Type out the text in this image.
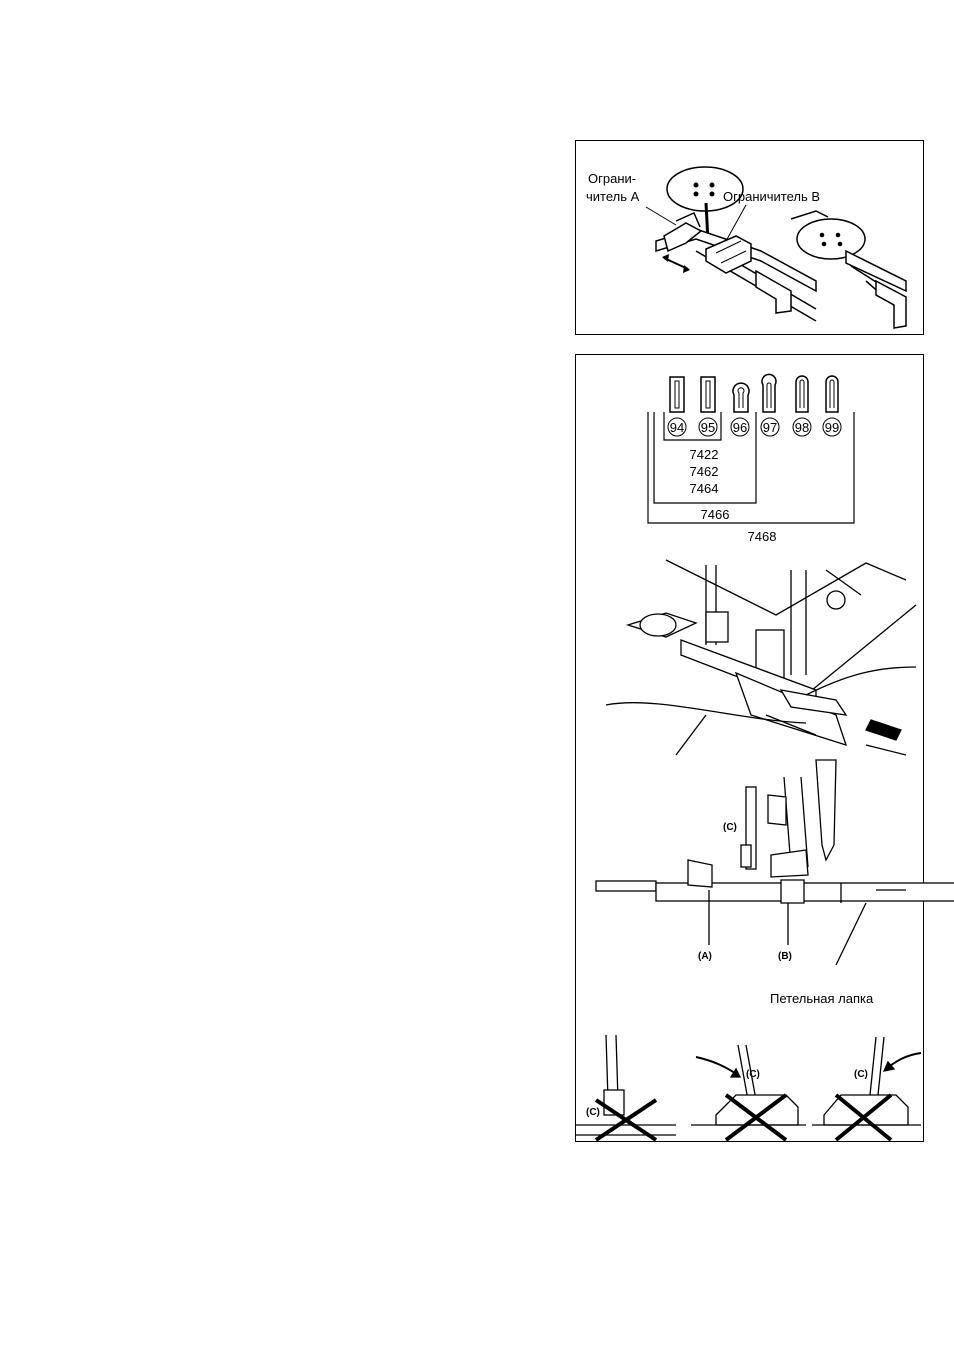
Ограни-
читель А	Ограничитель В
94 95 96 97 98 99
7422
7462
7464
7466
7468
(C)
(A)	(B)
Петельная лапка
(C)
(C)	(C)
